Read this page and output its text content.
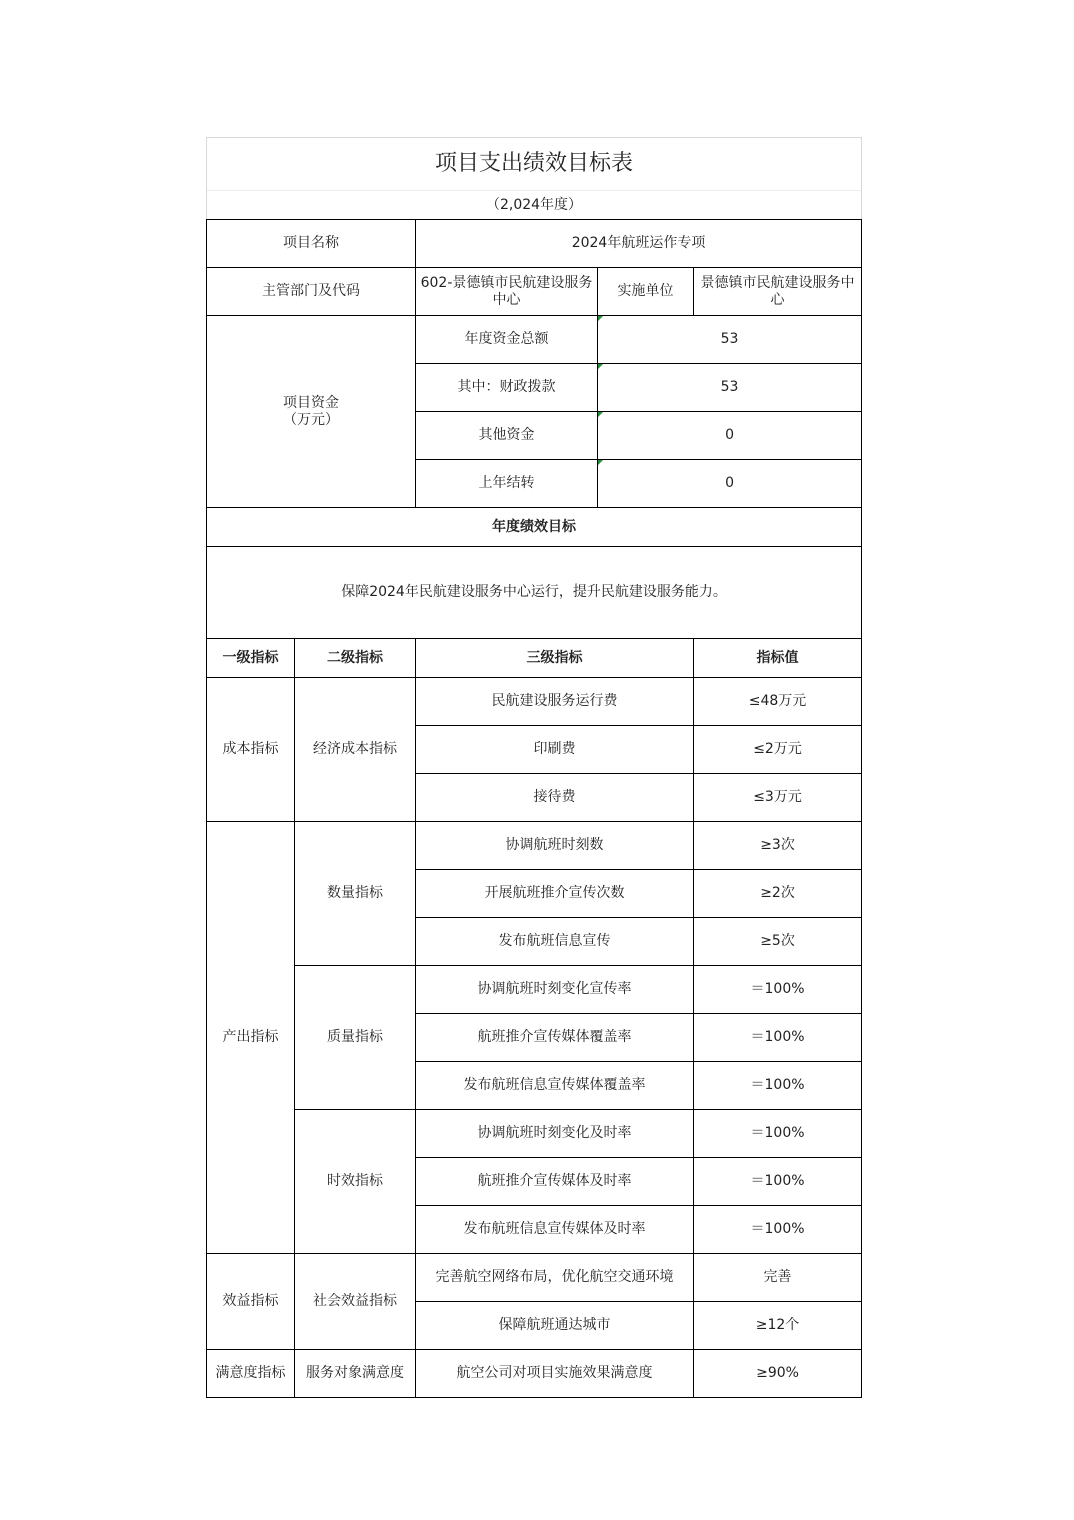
项目支出绩效目标表				
（2,024年度）				
项目名称		2024年航班运作专项		
主管部门及代码		602-景德镇市民航建设服务中心	实施单位	景德镇市民航建设服务中心
项目资金
（万元）		年度资金总额	53	
		其中：财政拨款	53	
		其他资金	0	
		上年结转	0	
年度绩效目标				
保障2024年民航建设服务中心运行，提升民航建设服务能力。				
一级指标	二级指标	三级指标		指标值
成本指标	经济成本指标	民航建设服务运行费		≤48万元
		印刷费		≤2万元
		接待费		≤3万元
产出指标	数量指标	协调航班时刻数		≥3次
		开展航班推介宣传次数		≥2次
		发布航班信息宣传		≥5次
	质量指标	协调航班时刻变化宣传率		＝100%
		航班推介宣传媒体覆盖率		＝100%
		发布航班信息宣传媒体覆盖率		＝100%
	时效指标	协调航班时刻变化及时率		＝100%
		航班推介宣传媒体及时率		＝100%
		发布航班信息宣传媒体及时率		＝100%
效益指标	社会效益指标	完善航空网络布局，优化航空交通环境		完善
		保障航班通达城市		≥12个
满意度指标	服务对象满意度	航空公司对项目实施效果满意度		≥90%
